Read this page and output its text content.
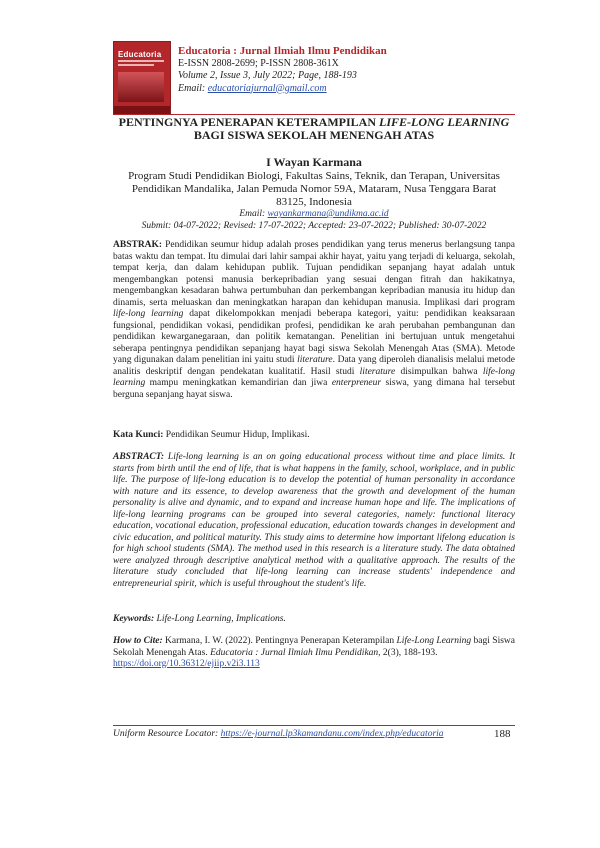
Educatoria Educatoria : Jurnal Ilmiah Ilmu Pendidikan
E-ISSN 2808-2699; P-ISSN 2808-361X
Volume 2, Issue 3, July 2022; Page, 188-193
Email: educatoriajurnal@gmail.com
PENTINGNYA PENERAPAN KETERAMPILAN LIFE-LONG LEARNING
BAGI SISWA SEKOLAH MENENGAH ATAS
I Wayan Karmana
Program Studi Pendidikan Biologi, Fakultas Sains, Teknik, dan Terapan, Universitas
Pendidikan Mandalika, Jalan Pemuda Nomor 59A, Mataram, Nusa Tenggara Barat
83125, Indonesia
Email: wayankarmana@undikma.ac.id
Submit: 04-07-2022; Revised: 17-07-2022; Accepted: 23-07-2022; Published: 30-07-2022
ABSTRAK: Pendidikan seumur hidup adalah proses pendidikan yang terus menerus berlangsung tanpa batas waktu dan tempat. Itu dimulai dari lahir sampai akhir hayat, yaitu yang terjadi di keluarga, sekolah, tempat kerja, dan dalam kehidupan publik. Tujuan pendidikan sepanjang hayat adalah untuk mengembangkan potensi manusia berkepribadian yang sesuai dengan fitrah dan hakikatnya, mengembangkan kesadaran bahwa pertumbuhan dan perkembangan kepribadian manusia itu hidup dan dinamis, serta meluaskan dan meningkatkan harapan dan kehidupan manusia. Implikasi dari program life-long learning dapat dikelompokkan menjadi beberapa kategori, yaitu: pendidikan keaksaraan fungsional, pendidikan vokasi, pendidikan profesi, pendidikan ke arah perubahan pembangunan dan pendidikan kewarganegaraan, dan politik kematangan. Penelitian ini bertujuan untuk mengetahui seberapa pentingnya pendidikan sepanjang hayat bagi siswa Sekolah Menengah Atas (SMA). Metode yang digunakan dalam penelitian ini yaitu studi literature. Data yang diperoleh dianalisis melalui metode analitis deskriptif dengan pendekatan kualitatif. Hasil studi literature disimpulkan bahwa life-long learning mampu meningkatkan kemandirian dan jiwa enterpreneur siswa, yang dimana hal tersebut berguna sepanjang hayat siswa.
Kata Kunci: Pendidikan Seumur Hidup, Implikasi.
ABSTRACT: Life-long learning is an on going educational process without time and place limits. It starts from birth until the end of life, that is what happens in the family, school, workplace, and in public life. The purpose of life-long education is to develop the potential of human personality in accordance with nature and its essence, to develop awareness that the growth and development of the human personality is alive and dynamic, and to expand and increase human hope and life. The implications of life-long learning programs can be grouped into several categories, namely: functional literacy education, vocational education, professional education, education towards changes in development and civic education, and political maturity. This study aims to determine how important lifelong education is for high school students (SMA). The method used in this research is a literature study. The data obtained were analyzed through descriptive analytical method with a qualitative approach. The results of the literature study concluded that life-long learning can increase students' independence and entrepreneurial spirit, which is useful throughout the student's life.
Keywords: Life-Long Learning, Implications.
How to Cite: Karmana, I. W. (2022). Pentingnya Penerapan Keterampilan Life-Long Learning bagi Siswa Sekolah Menengah Atas. Educatoria : Jurnal Ilmiah Ilmu Pendidikan, 2(3), 188-193.
https://doi.org/10.36312/ejiip.v2i3.113
Uniform Resource Locator: https://e-journal.lp3kamandanu.com/index.php/educatoria	188
